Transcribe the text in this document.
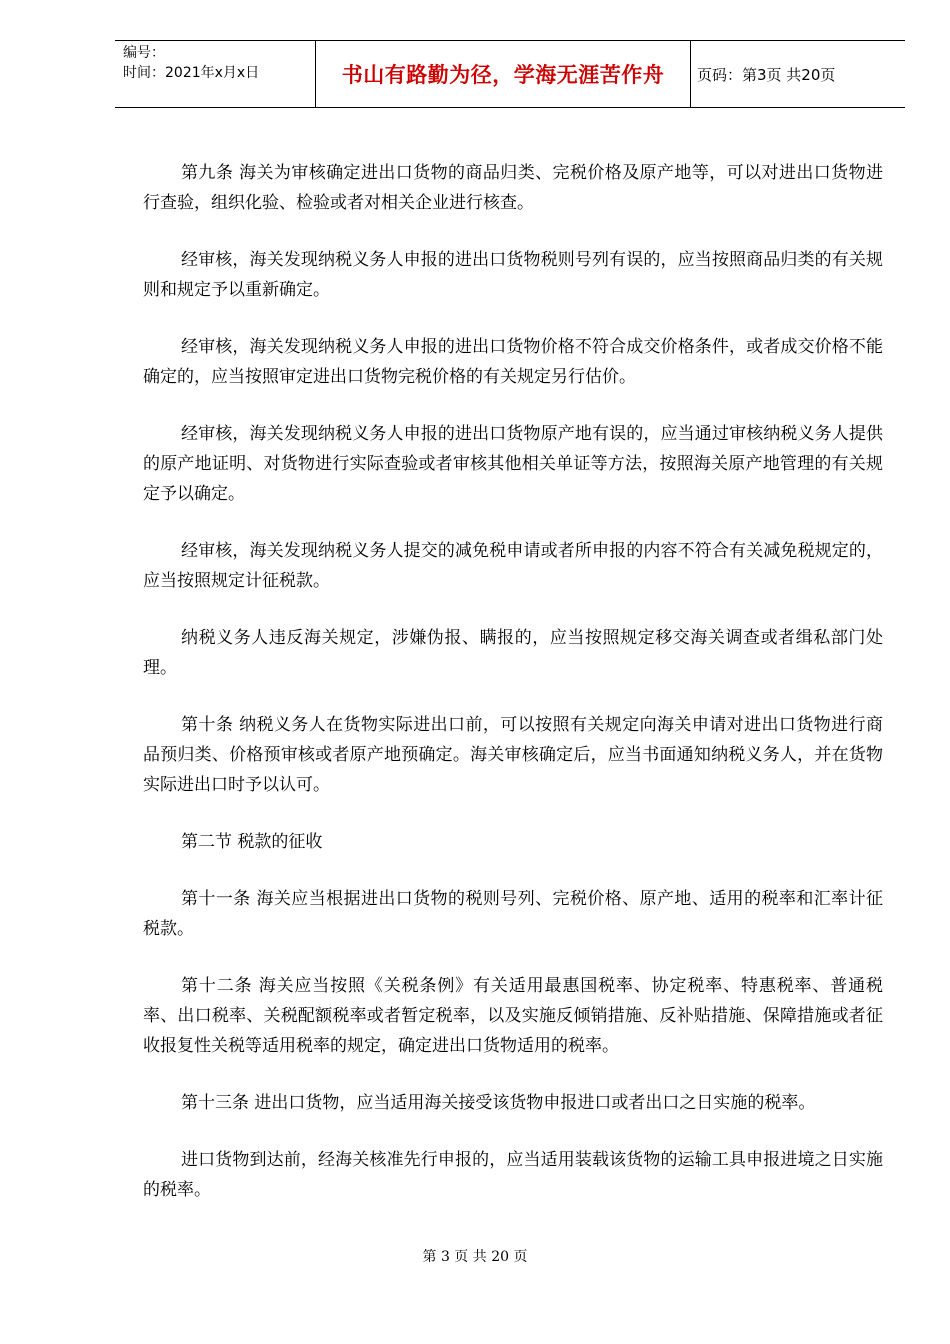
编号：
时间：2021年x月x日	书山有路勤为径，学海无涯苦作舟	页码：第3页 共20页

第九条 海关为审核确定进出口货物的商品归类、完税价格及原产地等，可以对进出口货物进行查验，组织化验、检验或者对相关企业进行核查。

经审核，海关发现纳税义务人申报的进出口货物税则号列有误的，应当按照商品归类的有关规则和规定予以重新确定。

经审核，海关发现纳税义务人申报的进出口货物价格不符合成交价格条件，或者成交价格不能确定的，应当按照审定进出口货物完税价格的有关规定另行估价。

经审核，海关发现纳税义务人申报的进出口货物原产地有误的，应当通过审核纳税义务人提供的原产地证明、对货物进行实际查验或者审核其他相关单证等方法，按照海关原产地管理的有关规定予以确定。

经审核，海关发现纳税义务人提交的减免税申请或者所申报的内容不符合有关减免税规定的，应当按照规定计征税款。

纳税义务人违反海关规定，涉嫌伪报、瞒报的，应当按照规定移交海关调查或者缉私部门处理。

第十条 纳税义务人在货物实际进出口前，可以按照有关规定向海关申请对进出口货物进行商品预归类、价格预审核或者原产地预确定。海关审核确定后，应当书面通知纳税义务人，并在货物实际进出口时予以认可。

第二节 税款的征收

第十一条 海关应当根据进出口货物的税则号列、完税价格、原产地、适用的税率和汇率计征税款。

第十二条 海关应当按照《关税条例》有关适用最惠国税率、协定税率、特惠税率、普通税率、出口税率、关税配额税率或者暂定税率，以及实施反倾销措施、反补贴措施、保障措施或者征收报复性关税等适用税率的规定，确定进出口货物适用的税率。

第十三条 进出口货物，应当适用海关接受该货物申报进口或者出口之日实施的税率。

进口货物到达前，经海关核准先行申报的，应当适用装载该货物的运输工具申报进境之日实施的税率。

第 3 页 共 20 页
